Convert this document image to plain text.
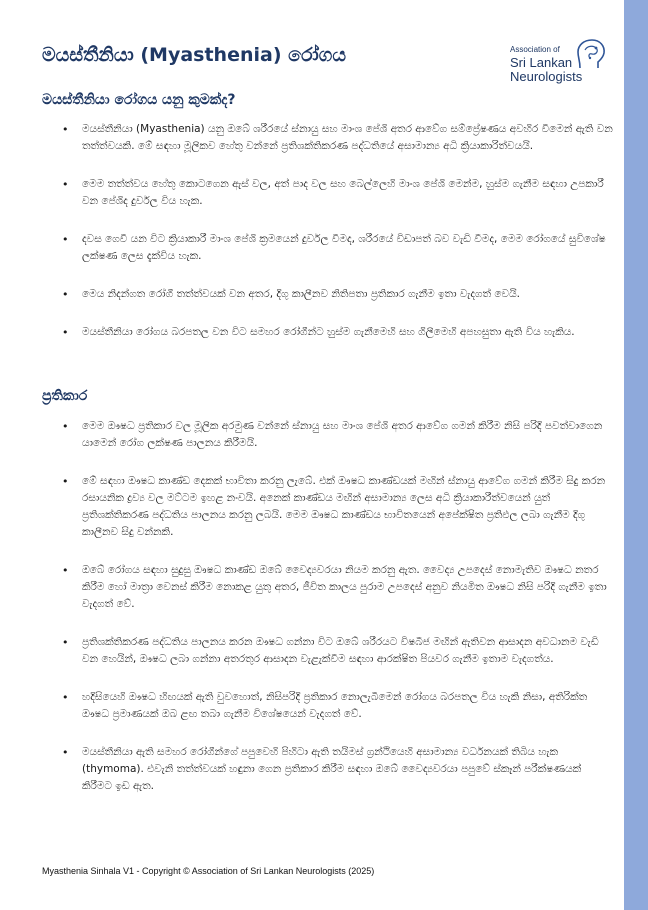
මයස්තීනියා (Myasthenia) රෝගය	Association of
Sri Lankan
Neurologists
මයස්තීනියා රෝගය යනු කුමක්ද?
• මයස්තීනියා (Myasthenia) යනු ඔබේ ශරීරයේ ස්නායු සහ මාංශ පේශි අතර ආවේග සම්ප්‍රේෂණය අවහිර වීමෙන් ඇති වන තත්ත්වයකි. මේ සඳහා මූලිකව හේතු වන්නේ ප්‍රතිශක්තිකරණ පද්ධතියේ අසාමාන්‍ය අධි ක්‍රියාකාරිත්වයයි.
• මෙම තත්ත්වය හේතු කොටගෙන ඇස් වල, අත් පාද වල සහ බෙල්ලෙහි මාංශ පේශි මෙන්ම, හුස්ම ගැනීම සඳහා උපකාරී වන පේශිද දුර්වල විය හැක.
• දවස ගෙවී යන විට ක්‍රියාකාරී මාංශ පේශි ක්‍රමයෙන් දුර්වල වීමද, ශරීරයේ විඩාපත් බව වැඩි වීමද, මෙම රෝගයේ සුවිශේෂ ලක්ෂණ ලෙස දැක්විය හැක.
• මෙය නිදන්ගත රෝගී තත්ත්වයක් වන අතර, දිගු කාලීනව නිතිපතා ප්‍රතිකාර ගැනීම ඉතා වැදගත් වෙයි.
• මයස්තීනියා රෝගය බරපතල වන විට සමහර රෝගීන්ට හුස්ම ගැනීමෙහි සහ ගිලීමෙහි අපහසුතා ඇති විය හැකිය.
ප්‍රතිකාර
• මෙම ඖෂධ ප්‍රතිකාර වල මූලික අරමුණ වන්නේ ස්නායු සහ මාංශ පේශි අතර ආවේග ගමන් කිරීම නිසි පරිදි පවත්වාගෙන යාමෙන් රෝග ලක්ෂණ පාලනය කිරීමයි.
• මේ සඳහා ඖෂධ කාණ්ඩ දෙකක් භාවිතා කරනු ලැබේ. එක් ඖෂධ කාණ්ඩයක් මඟින් ස්නායු ආවේග ගමන් කිරීම සිදු කරන රසායනික ද්‍රව්‍ය වල මට්ටම ඉහළ නංවයි. අනෙක් කාණ්ඩය මඟින් අසාමාන්‍ය ලෙස අධි ක්‍රියාකාරීත්වයෙන් යුත් ප්‍රතිශක්තිකරණ පද්ධතිය පාලනය කරනු ලබයි. මෙම ඖෂධ කාණ්ඩය භාවිතයෙන් අපේක්ෂිත ප්‍රතිඵල ලබා ගැනීම දිගු කාලීනව සිදු වන්නකි.
• ඔබේ රෝගය සඳහා සුදුසු ඖෂධ කාණ්ඩ ඔබේ වෛද්‍යවරයා නියම කරනු ඇත. වෛද්‍ය උපදෙස් නොමැතිව ඖෂධ නතර කිරීම හෝ මාත්‍රා වෙනස් කිරීම නොකළ යුතු අතර, ජීවිත කාලය පුරාම උපදෙස් අනුව නියමිත ඖෂධ නිසි පරිදි ගැනීම ඉතා වැදගත් වේ.
• ප්‍රතිශක්තිකරණ පද්ධතිය පාලනය කරන ඖෂධ ගන්නා විට ඔබේ ශරීරයට විෂබීජ මඟින් ඇතිවන ආසාදන අවධානම වැඩි වන හෙයින්, ඖෂධ ලබා ගන්නා අතරතුර ආසාදන වැළැක්වීම සඳහා ආරක්ෂිත පියවර ගැනීම ඉතාම වැදගත්ය.
• හදිසියෙහි ඖෂධ හිඟයක් ඇති වුවහොත්, නිසිපරිදි ප්‍රතිකාර නොලැබීමෙන් රෝගය බරපතල විය හැකි නිසා, අතිරික්ත ඖෂධ ප්‍රමාණයක් ඔබ ළඟ තබා ගැනීම විශේෂයෙන් වැදගත් වේ.
• මයස්තීනියා ඇති සමහර රෝගීන්ගේ පපුවෙහි පිහිටා ඇති තයිමස් ග්‍රන්ථියෙහි අසාමාන්‍ය වර්ධනයක් තිබිය හැක (thymoma). එවැනි තත්ත්වයක් හඳුනා ගෙන ප්‍රතිකාර කිරීම සඳහා ඔබේ වෛද්‍යවරයා පපුවේ ස්කෑන් පරීක්ෂණයක් කිරීමට ඉඩ ඇත.
Myasthenia Sinhala V1 - Copyright © Association of Sri Lankan Neurologists (2025)
